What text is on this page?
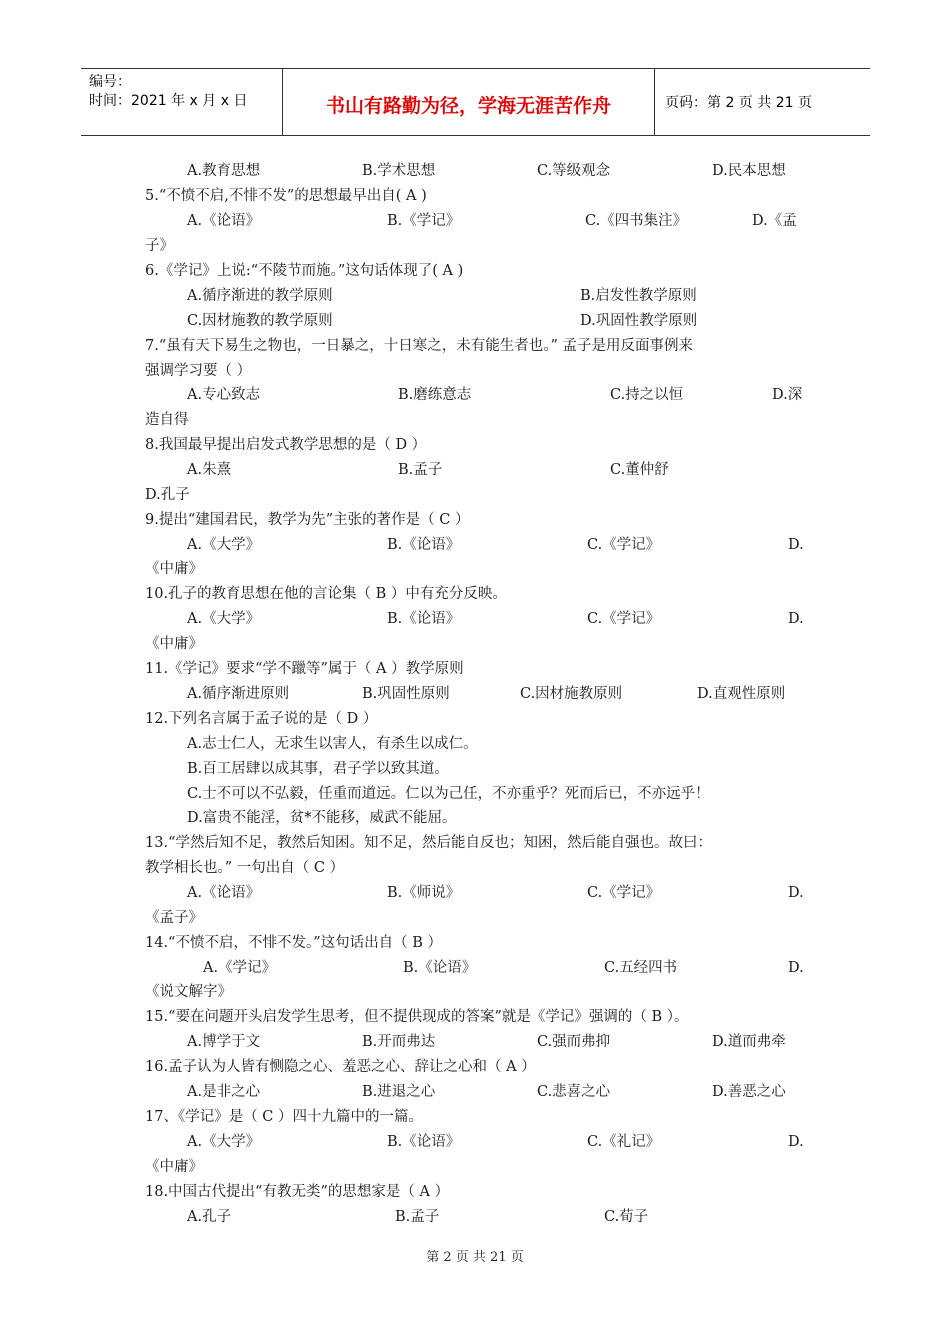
编号：
时间：2021 年 x 月 x 日	书山有路勤为径，学海无涯苦作舟	页码：第 2 页 共 21 页
A.教育思想	B.学术思想	C.等级观念	D.民本思想
5.“不愤不启,不悱不发”的思想最早出自( A )
A.《论语》	B.《学记》	C.《四书集注》	D.《孟
子》
6.《学记》上说:“不陵节而施。”这句话体现了( A )
A.循序渐进的教学原则	B.启发性教学原则
C.因材施教的教学原则	D.巩固性教学原则
7.“虽有天下易生之物也，一日暴之，十日寒之，未有能生者也。” 孟子是用反面事例来
强调学习要（ ）
A.专心致志	B.磨练意志	C.持之以恒	D.深
造自得
8.我国最早提出启发式教学思想的是（ D ）
A.朱熹	B.孟子	C.董仲舒
D.孔子
9.提出“建国君民，教学为先”主张的著作是（ C ）
A.《大学》	B.《论语》	C.《学记》	D.
《中庸》
10.孔子的教育思想在他的言论集（ B ）中有充分反映。
A.《大学》	B.《论语》	C.《学记》	D.
《中庸》
11.《学记》要求“学不躐等”属于（ A ）教学原则
A.循序渐进原则	B.巩固性原则	C.因材施教原则	D.直观性原则
12.下列名言属于孟子说的是（ D ）
A.志士仁人，无求生以害人，有杀生以成仁。
B.百工居肆以成其事，君子学以致其道。
C.士不可以不弘毅，任重而道远。仁以为己任，不亦重乎？死而后已，不亦远乎！
D.富贵不能淫，贫*不能移，威武不能屈。
13.“学然后知不足，教然后知困。知不足，然后能自反也；知困，然后能自强也。故曰：
教学相长也。” 一句出自（ C ）
A.《论语》	B.《师说》	C.《学记》	D.
《孟子》
14.“不愤不启，不悱不发。”这句话出自（ B ）
A.《学记》	B.《论语》	C.五经四书	D.
《说文解字》
15.“要在问题开头启发学生思考，但不提供现成的答案”就是《学记》强调的（ B ）。
A.博学于文	B.开而弗达	C.强而弗抑	D.道而弗牵
16.孟子认为人皆有恻隐之心、羞恶之心、辞让之心和（ A ）
A.是非之心	B.进退之心	C.悲喜之心	D.善恶之心
17、《学记》是（ C ）四十九篇中的一篇。
A.《大学》	B.《论语》	C.《礼记》	D.
《中庸》
18.中国古代提出“有教无类”的思想家是（ A ）
A.孔子	B.孟子	C.荀子
第 2 页 共 21 页
